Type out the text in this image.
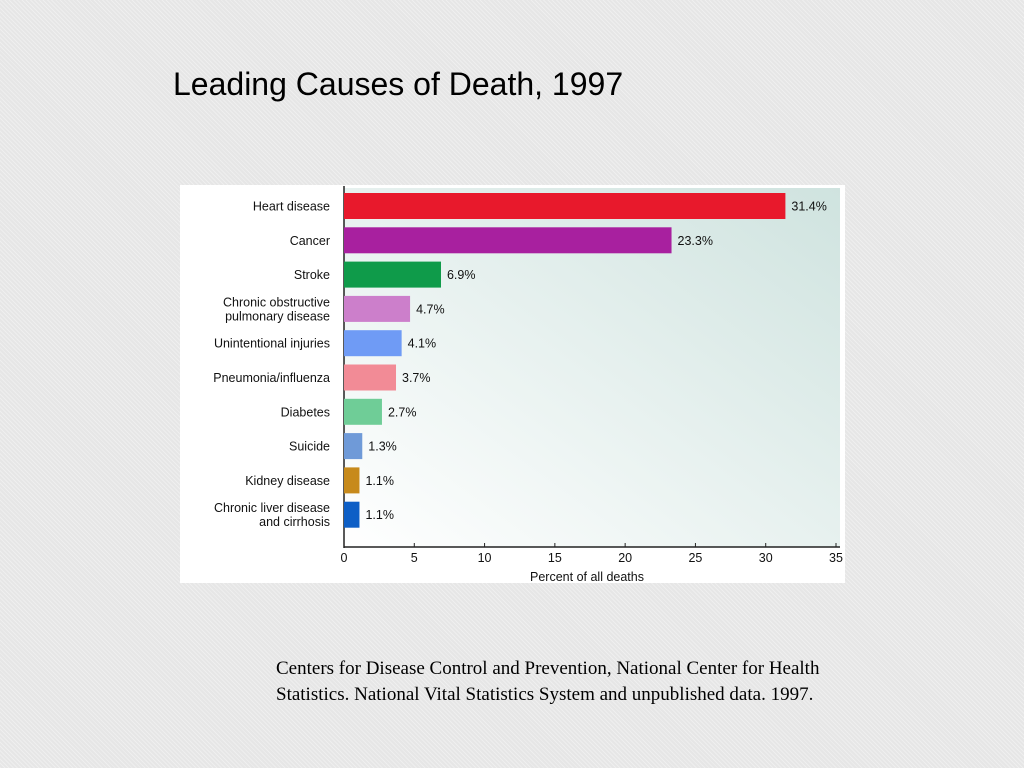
Leading Causes of Death, 1997
31.4%
Heart disease
23.3%
Cancer
6.9%
Stroke
4.7%
Chronic obstructive
pulmonary disease
4.1%
Unintentional injuries
3.7%
Pneumonia/influenza
2.7%
Diabetes
1.3%
Suicide
1.1%
Kidney disease
1.1%
Chronic liver disease
and cirrhosis
0	5	10	15	20	25	30	35
Percent of all deaths
Centers for Disease Control and Prevention, National Center for Health Statistics. National Vital Statistics System and unpublished data. 1997.
